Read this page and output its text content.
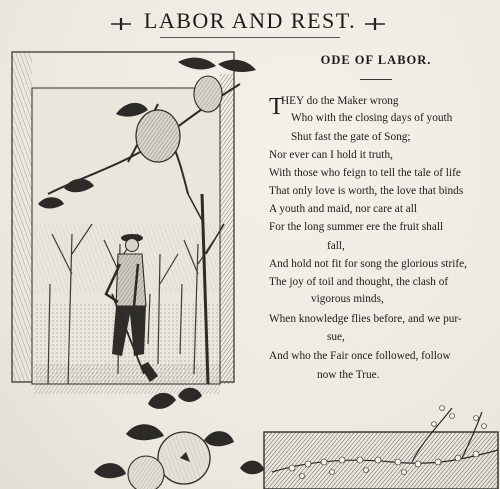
LABOR AND REST.
ODE OF LABOR.
T
HEY do the Maker wrong
Who with the closing days of youth
Shut fast the gate of Song;
Nor ever can I hold it truth,
With those who feign to tell the tale of life
That only love is worth, the love that binds
A youth and maid, nor care at all
For the long summer ere the fruit shall
fall,
And hold not fit for song the glorious strife,
The joy of toil and thought, the clash of
vigorous minds,
When knowledge flies before, and we pur-
sue,
And who the Fair once followed, follow
now the True.
